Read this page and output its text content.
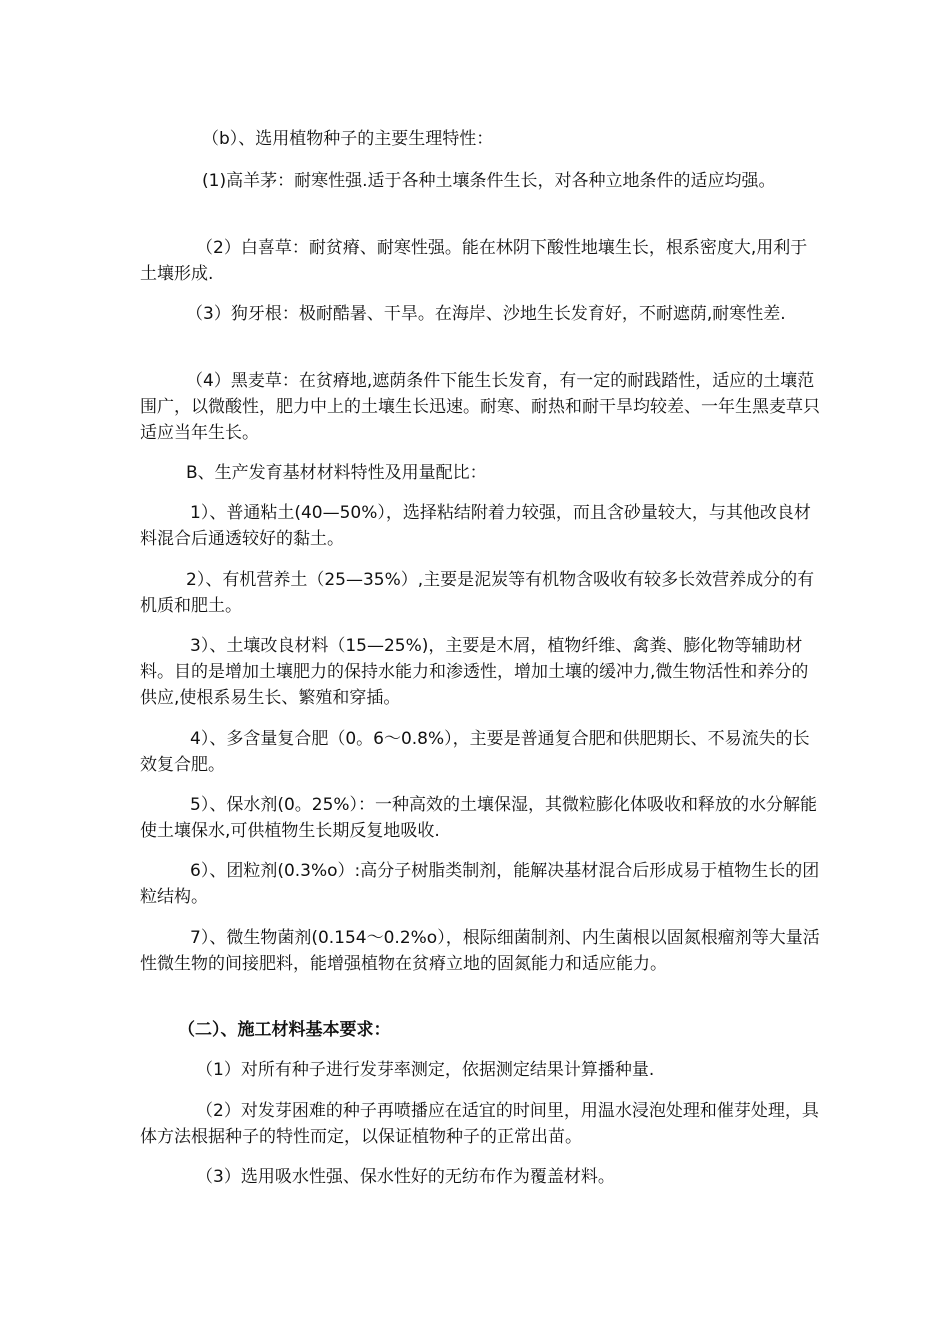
（b）、选用植物种子的主要生理特性：

(1)高羊茅：耐寒性强.适于各种土壤条件生长，对各种立地条件的适应均强。

（2）白喜草：耐贫瘠、耐寒性强。能在林阴下酸性地壤生长，根系密度大,用利于土壤形成.

（3）狗牙根：极耐酷暑、干旱。在海岸、沙地生长发育好，不耐遮荫,耐寒性差.

（4）黑麦草：在贫瘠地,遮荫条件下能生长发育，有一定的耐践踏性，适应的土壤范围广，以微酸性，肥力中上的土壤生长迅速。耐寒、耐热和耐干旱均较差、一年生黑麦草只适应当年生长。

B、生产发育基材材料特性及用量配比：

1）、普通粘土(40—50%），选择粘结附着力较强，而且含砂量较大，与其他改良材料混合后通透较好的黏土。

2）、有机营养土（25—35%）,主要是泥炭等有机物含吸收有较多长效营养成分的有机质和肥土。

3）、土壤改良材料（15—25%)，主要是木屑，植物纤维、禽粪、膨化物等辅助材料。目的是增加土壤肥力的保持水能力和渗透性，增加土壤的缓冲力,微生物活性和养分的供应,使根系易生长、繁殖和穿插。

4）、多含量复合肥（0。6～0.8%），主要是普通复合肥和供肥期长、不易流失的长效复合肥。

5）、保水剂(0。25%）：一种高效的土壤保湿，其微粒膨化体吸收和释放的水分解能使土壤保水,可供植物生长期反复地吸收.

6）、团粒剂(0.3%o）:高分子树脂类制剂，能解决基材混合后形成易于植物生长的团粒结构。

7）、微生物菌剂(0.154～0.2%o），根际细菌制剂、内生菌根以固氮根瘤剂等大量活性微生物的间接肥料，能增强植物在贫瘠立地的固氮能力和适应能力。

（二）、施工材料基本要求：

（1）对所有种子进行发芽率测定，依据测定结果计算播种量.

（2）对发芽困难的种子再喷播应在适宜的时间里，用温水浸泡处理和催芽处理，具体方法根据种子的特性而定，以保证植物种子的正常出苗。

（3）选用吸水性强、保水性好的无纺布作为覆盖材料。
